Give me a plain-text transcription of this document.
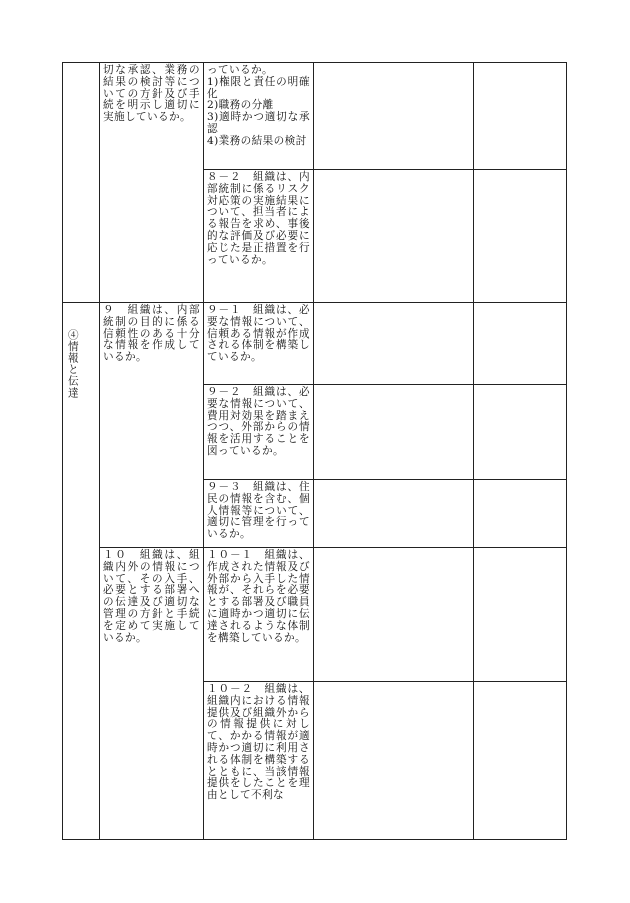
	切な承認、業務の結果の検討等についての方針及び手続を明示し適切に実施しているか。	っているか。
1)権限と責任の明確化
2)職務の分離
3)適時かつ適切な承認
4)業務の結果の検討		
		８－２　組織は、内部統制に係るリスク対応策の実施結果について、担当者による報告を求め、事後的な評価及び必要に応じた是正措置を行っているか。		

④情報と伝達	９　組織は、内部統制の目的に係る信頼性のある十分な情報を作成しているか。	９－１　組織は、必要な情報について、信頼ある情報が作成される体制を構築しているか。		
		９－２　組織は、必要な情報について、費用対効果を踏まえつつ、外部からの情報を活用することを図っているか。		
		９－３　組織は、住民の情報を含む、個人情報等について、適切に管理を行っているか。		
	１０　組織は、組織内外の情報について、その入手、必要とする部署への伝達及び適切な管理の方針と手続を定めて実施しているか。	１０－１　組織は、作成された情報及び外部から入手した情報が、それらを必要とする部署及び職員に適時かつ適切に伝達されるような体制を構築しているか。		
		１０－２　組織は、組織内における情報提供及び組織外からの情報提供に対して、かかる情報が適時かつ適切に利用される体制を構築するとともに、当該情報提供をしたことを理由として不利な		
